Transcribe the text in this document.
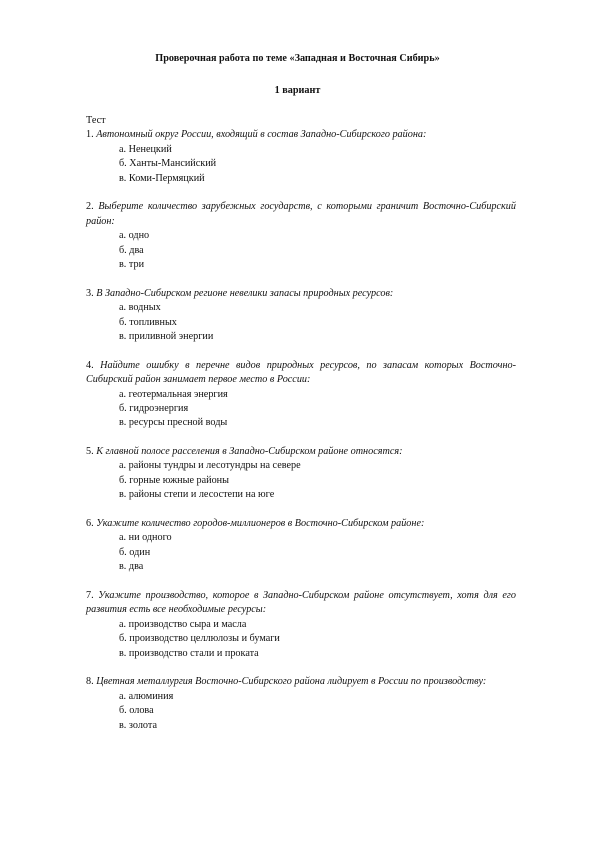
Проверочная работа по теме «Западная и Восточная Сибирь»
1 вариант
Тест
1. Автономный округ России, входящий в состав Западно-Сибирского района:
а. Ненецкий
б. Ханты-Мансийский
в. Коми-Пермяцкий
2. Выберите количество зарубежных государств, с которыми граничит Восточно-Сибирский район:
а. одно
б. два
в. три
3. В Западно-Сибирском регионе невелики запасы природных ресурсов:
а. водных
б. топливных
в. приливной энергии
4. Найдите ошибку в перечне видов природных ресурсов, по запасам которых Восточно-Сибирский район занимает первое место в России:
а. геотермальная энергия
б. гидроэнергия
в. ресурсы пресной воды
5. К главной полосе расселения в Западно-Сибирском районе относятся:
а. районы тундры и лесотундры на севере
б. горные южные районы
в. районы степи и лесостепи на юге
6. Укажите количество городов-миллионеров в Восточно-Сибирском районе:
а. ни одного
б. один
в. два
7. Укажите производство, которое в Западно-Сибирском районе отсутствует, хотя для его развития есть все необходимые ресурсы:
а. производство сыра и масла
б. производство целлюлозы и бумаги
в. производство стали и проката
8. Цветная металлургия Восточно-Сибирского района лидирует в России по производству:
а. алюминия
б. олова
в. золота
